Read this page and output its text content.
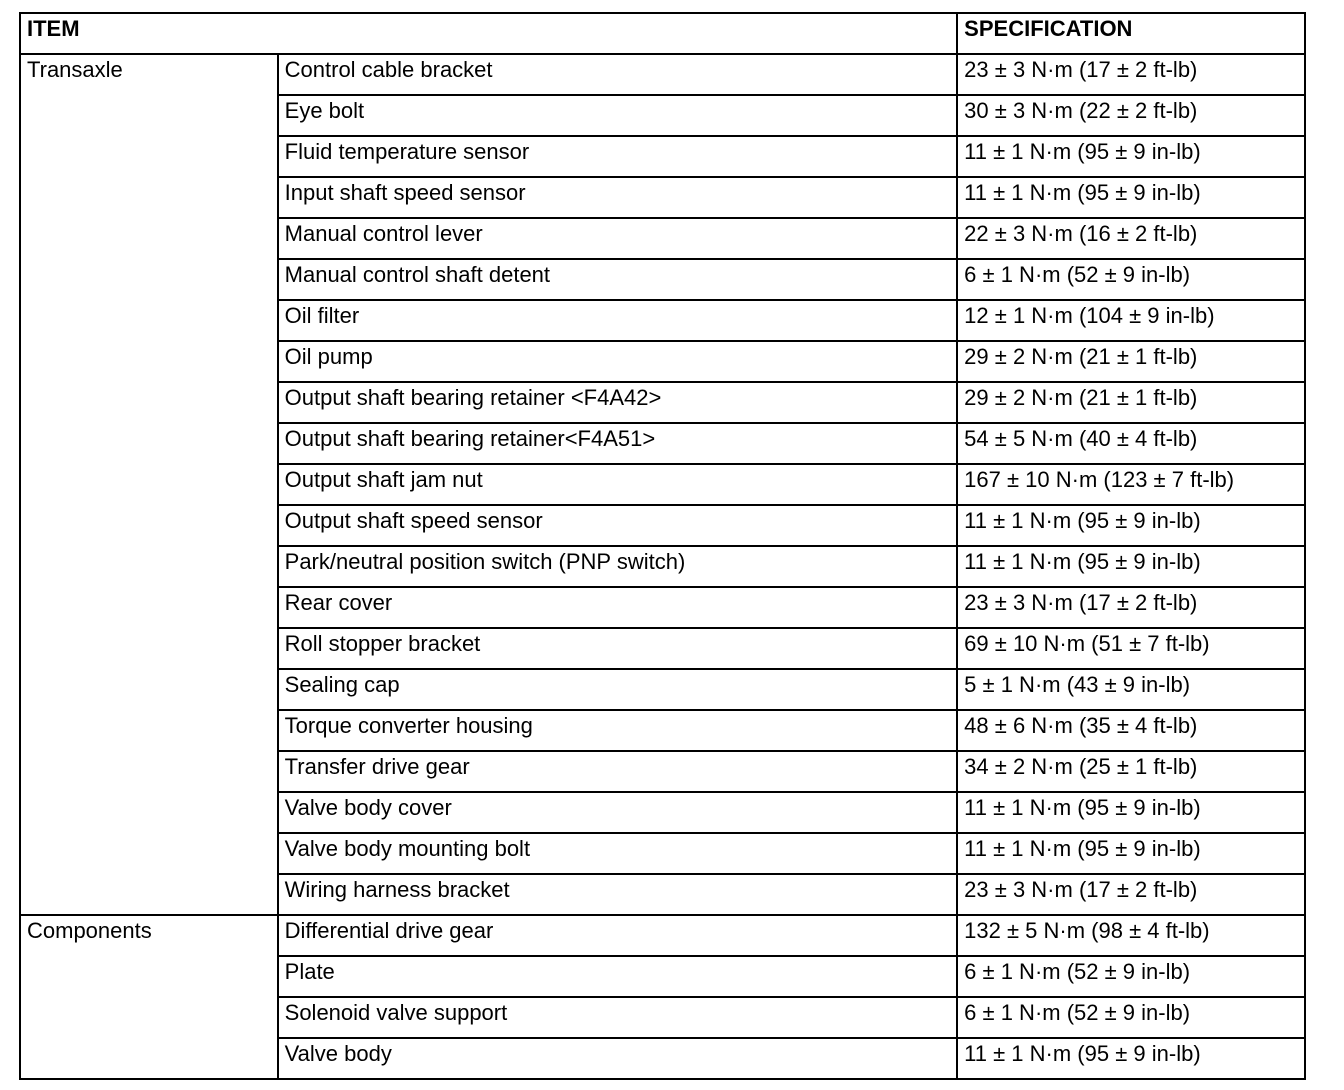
ITEM		SPECIFICATION
Transaxle	Control cable bracket	23 ± 3 N·m (17 ± 2 ft-lb)
	Eye bolt	30 ± 3 N·m (22 ± 2 ft-lb)
	Fluid temperature sensor	11 ± 1 N·m (95 ± 9 in-lb)
	Input shaft speed sensor	11 ± 1 N·m (95 ± 9 in-lb)
	Manual control lever	22 ± 3 N·m (16 ± 2 ft-lb)
	Manual control shaft detent	6 ± 1 N·m (52 ± 9 in-lb)
	Oil filter	12 ± 1 N·m (104 ± 9 in-lb)
	Oil pump	29 ± 2 N·m (21 ± 1 ft-lb)
	Output shaft bearing retainer <F4A42>	29 ± 2 N·m (21 ± 1 ft-lb)
	Output shaft bearing retainer<F4A51>	54 ± 5 N·m (40 ± 4 ft-lb)
	Output shaft jam nut	167 ± 10 N·m (123 ± 7 ft-lb)
	Output shaft speed sensor	11 ± 1 N·m (95 ± 9 in-lb)
	Park/neutral position switch (PNP switch)	11 ± 1 N·m (95 ± 9 in-lb)
	Rear cover	23 ± 3 N·m (17 ± 2 ft-lb)
	Roll stopper bracket	69 ± 10 N·m (51 ± 7 ft-lb)
	Sealing cap	5 ± 1 N·m (43 ± 9 in-lb)
	Torque converter housing	48 ± 6 N·m (35 ± 4 ft-lb)
	Transfer drive gear	34 ± 2 N·m (25 ± 1 ft-lb)
	Valve body cover	11 ± 1 N·m (95 ± 9 in-lb)
	Valve body mounting bolt	11 ± 1 N·m (95 ± 9 in-lb)
	Wiring harness bracket	23 ± 3 N·m (17 ± 2 ft-lb)
Components	Differential drive gear	132 ± 5 N·m (98 ± 4 ft-lb)
	Plate	6 ± 1 N·m (52 ± 9 in-lb)
	Solenoid valve support	6 ± 1 N·m (52 ± 9 in-lb)
	Valve body	11 ± 1 N·m (95 ± 9 in-lb)
